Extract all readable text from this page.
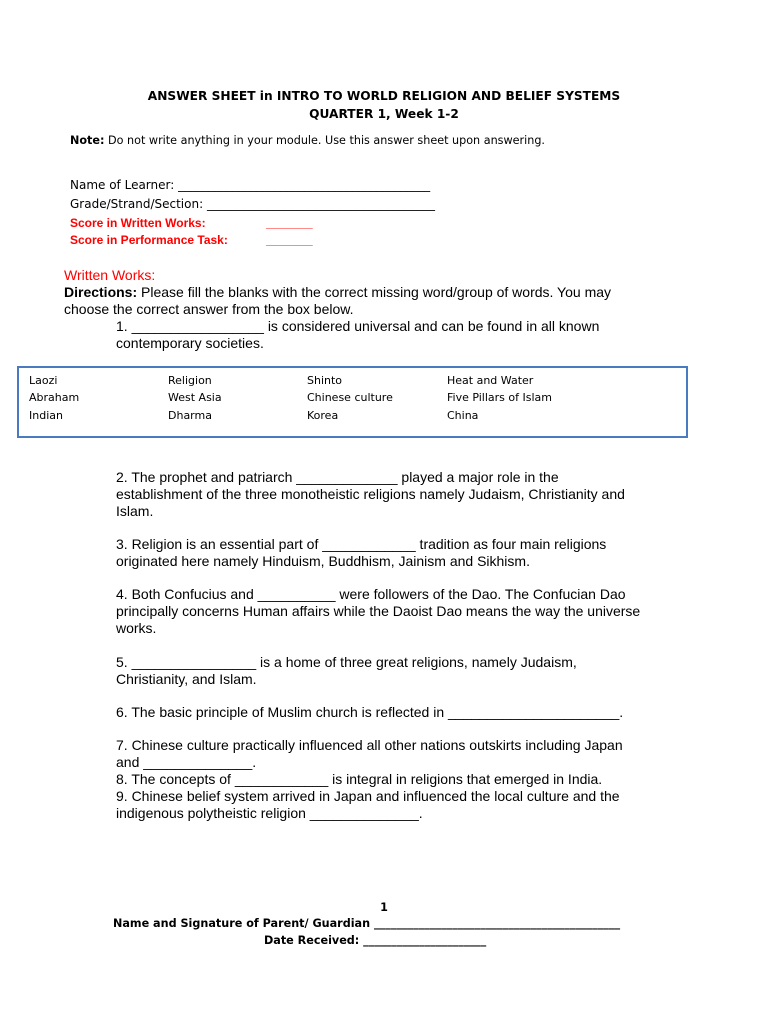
ANSWER SHEET in INTRO TO WORLD RELIGION AND BELIEF SYSTEMS
QUARTER 1, Week 1-2
Note: Do not write anything in your module. Use this answer sheet upon answering.
Name of Learner: __________________________________________
Grade/Strand/Section: ______________________________________
Score in Written Works:	_______
Score in Performance Task:	_______
Written Works:
Directions: Please fill the blanks with the correct missing word/group of words. You may
choose the correct answer from the box below.
1. _________________ is considered universal and can be found in all known
contemporary societies.
Laozi	Religion	Shinto	Heat and Water
Abraham	West Asia	Chinese culture	Five Pillars of Islam
Indian	Dharma	Korea	China
2. The prophet and patriarch _____________ played a major role in the
establishment of the three monotheistic religions namely Judaism, Christianity and
Islam.
3. Religion is an essential part of ____________ tradition as four main religions
originated here namely Hinduism, Buddhism, Jainism and Sikhism.
4. Both Confucius and __________ were followers of the Dao. The Confucian Dao
principally concerns Human affairs while the Daoist Dao means the way the universe
works.
5. ________________ is a home of three great religions, namely Judaism,
Christianity, and Islam.
6. The basic principle of Muslim church is reflected in ______________________.
7. Chinese culture practically influenced all other nations outskirts including Japan
and ______________.
8. The concepts of ____________ is integral in religions that emerged in India.
9. Chinese belief system arrived in Japan and influenced the local culture and the
indigenous polytheistic religion ______________.
1
Name and Signature of Parent/ Guardian ____________________________________________
Date Received: ______________________
